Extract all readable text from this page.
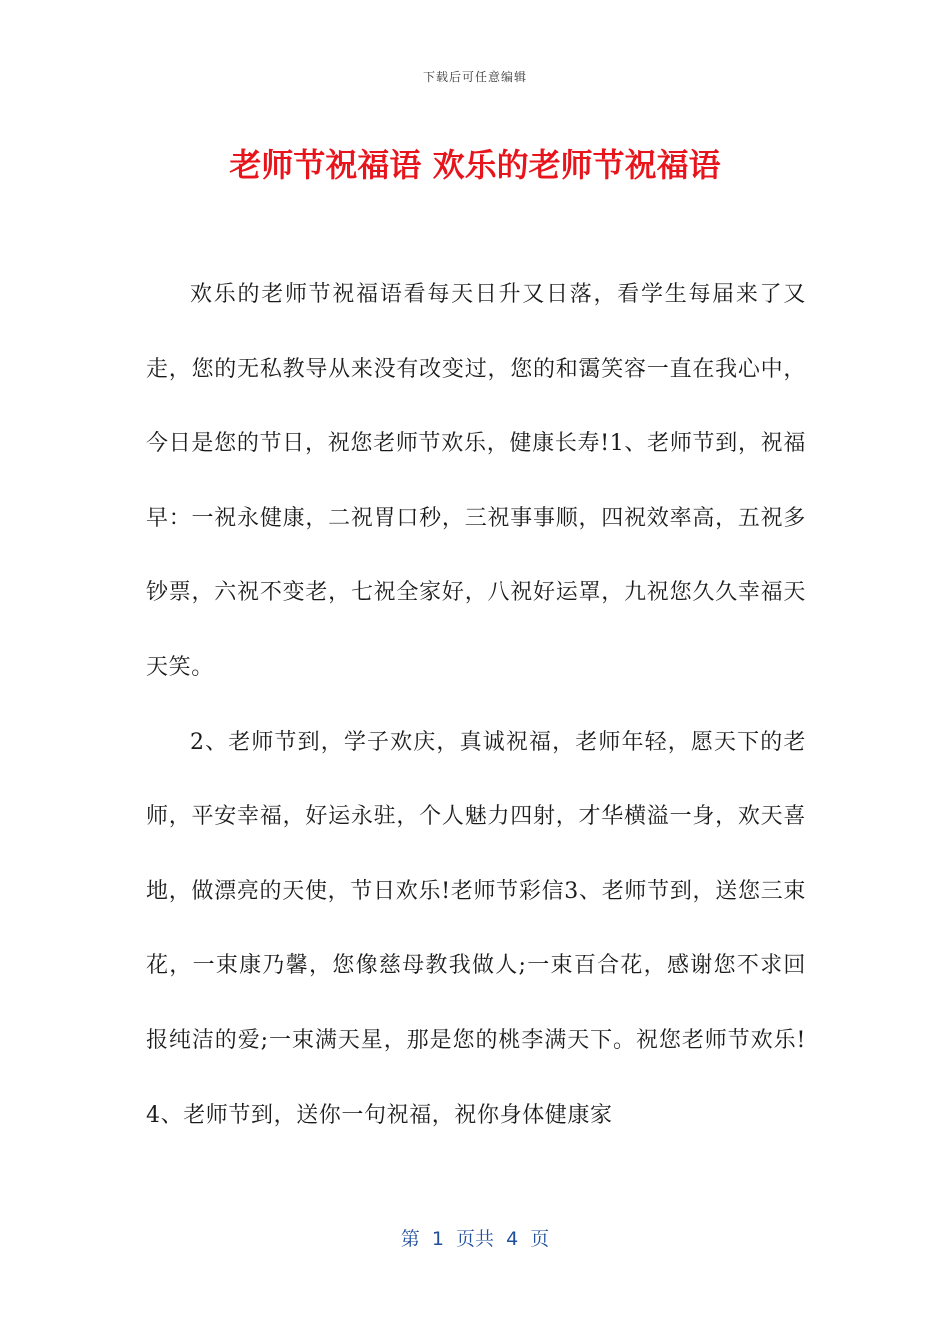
下载后可任意编辑
老师节祝福语 欢乐的老师节祝福语

欢乐的老师节祝福语看每天日升又日落，看学生每届来了又走，您的无私教导从来没有改变过，您的和霭笑容一直在我心中，今日是您的节日，祝您老师节欢乐，健康长寿!1、老师节到，祝福早：一祝永健康，二祝胃口秒，三祝事事顺，四祝效率高，五祝多钞票，六祝不变老，七祝全家好，八祝好运罩，九祝您久久幸福天天笑。

2、老师节到，学子欢庆，真诚祝福，老师年轻，愿天下的老师，平安幸福，好运永驻，个人魅力四射，才华横溢一身，欢天喜地，做漂亮的天使，节日欢乐!老师节彩信3、老师节到，送您三束花，一束康乃馨，您像慈母教我做人;一束百合花，感谢您不求回报纯洁的爱;一束满天星，那是您的桃李满天下。祝您老师节欢乐!4、老师节到，送你一句祝福，祝你身体健康家

第  1  页共  4  页
